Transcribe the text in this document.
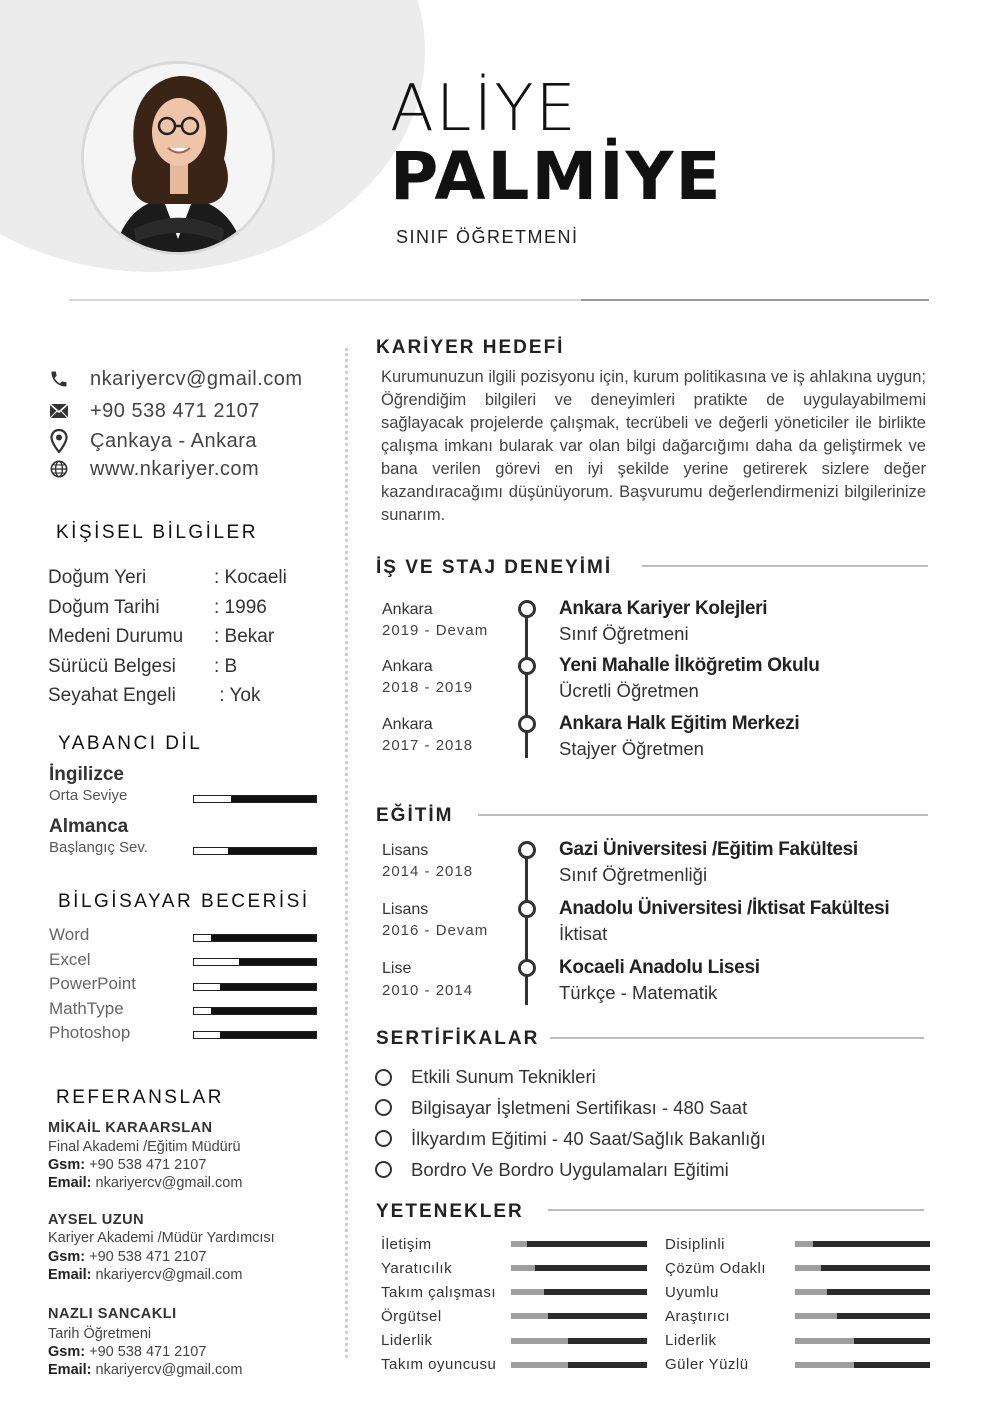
ALİYE
PALMİYE
SINIF ÖĞRETMENİ
nkariyercv@gmail.com
+90 538 471 2107
Çankaya - Ankara
www.nkariyer.com
KİŞİSEL BİLGİLER
Doğum Yeri	: Kocaeli
Doğum Tarihi	: 1996
Medeni Durumu : Bekar
Sürücü Belgesi : B
Seyahat Engeli : Yok
YABANCI DİL
İngilizce
Orta Seviye
Almanca
Başlangıç Sev.
BİLGİSAYAR BECERİSİ
Word
Excel
PowerPoint
MathType
Photoshop
REFERANSLAR
MİKAİL KARAARSLAN
Final Akademi /Eğitim Müdürü
Gsm: +90 538 471 2107
Email: nkariyercv@gmail.com
AYSEL UZUN
Kariyer Akademi /Müdür Yardımcısı
Gsm: +90 538 471 2107
Email: nkariyercv@gmail.com
NAZLI SANCAKLI
Tarih Öğretmeni
Gsm: +90 538 471 2107
Email: nkariyercv@gmail.com
KARİYER HEDEFİ
Kurumunuzun ilgili pozisyonu için, kurum politikasına ve iş ahlakına uygun; Öğrendiğim bilgileri ve deneyimleri pratikte de uygulayabilmemi sağlayacak projelerde çalışmak, tecrübeli ve değerli yöneticiler ile birlikte çalışma imkanı bularak var olan bilgi dağarcığımı daha da geliştirmek ve bana verilen görevi en iyi şekilde yerine getirerek sizlere değer kazandıracağımı düşünüyorum. Başvurumu değerlendirmenizi bilgilerinize sunarım.
İŞ VE STAJ DENEYİMİ
Ankara
2019 - Devam
Ankara Kariyer Kolejleri
Sınıf Öğretmeni
Ankara
2018 - 2019
Yeni Mahalle İlköğretim Okulu
Ücretli Öğretmen
Ankara
2017 - 2018
Ankara Halk Eğitim Merkezi
Stajyer Öğretmen
EĞİTİM
Lisans
2014 - 2018
Gazi Üniversitesi /Eğitim Fakültesi
Sınıf Öğretmenliği
Lisans
2016 - Devam
Anadolu Üniversitesi /İktisat Fakültesi
İktisat
Lise
2010 - 2014
Kocaeli Anadolu Lisesi
Türkçe - Matematik
SERTİFİKALAR
Etkili Sunum Teknikleri
Bilgisayar İşletmeni Sertifikası - 480 Saat
İlkyardım Eğitimi - 40 Saat/Sağlık Bakanlığı
Bordro Ve Bordro Uygulamaları Eğitimi
YETENEKLER
İletişim
Yaratıcılık
Takım çalışması
Örgütsel
Liderlik
Takım oyuncusu
Disiplinli
Çözüm Odaklı
Uyumlu
Araştırıcı
Liderlik
Güler Yüzlü
